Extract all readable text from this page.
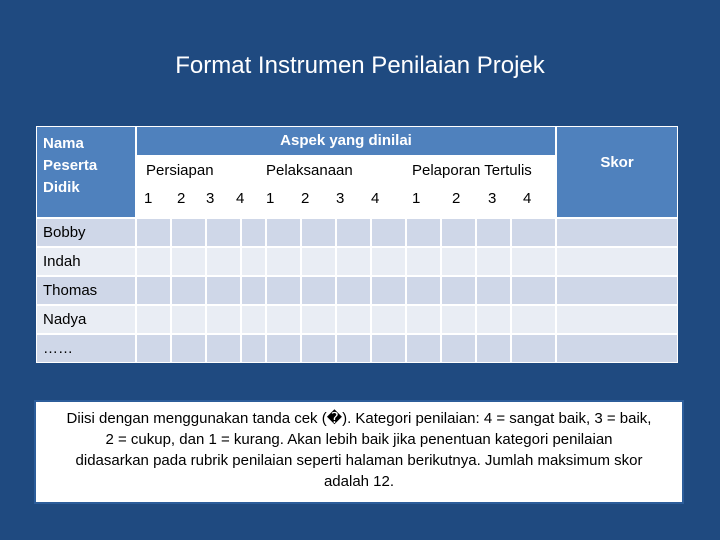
Format Instrumen Penilaian Projek
Nama Peserta Didik
Aspek yang dinilai
Skor
Persiapan	Pelaksanaan	Pelaporan Tertulis
1 2 3 4 1 2 3 4 1 2 3 4
Bobby
Indah
Thomas
Nadya
……
Diisi dengan menggunakan tanda cek (�). Kategori penilaian: 4 = sangat baik, 3 = baik,
2 = cukup, dan 1 = kurang. Akan lebih baik jika penentuan kategori penilaian
didasarkan pada rubrik penilaian seperti halaman berikutnya. Jumlah maksimum skor
adalah 12.
